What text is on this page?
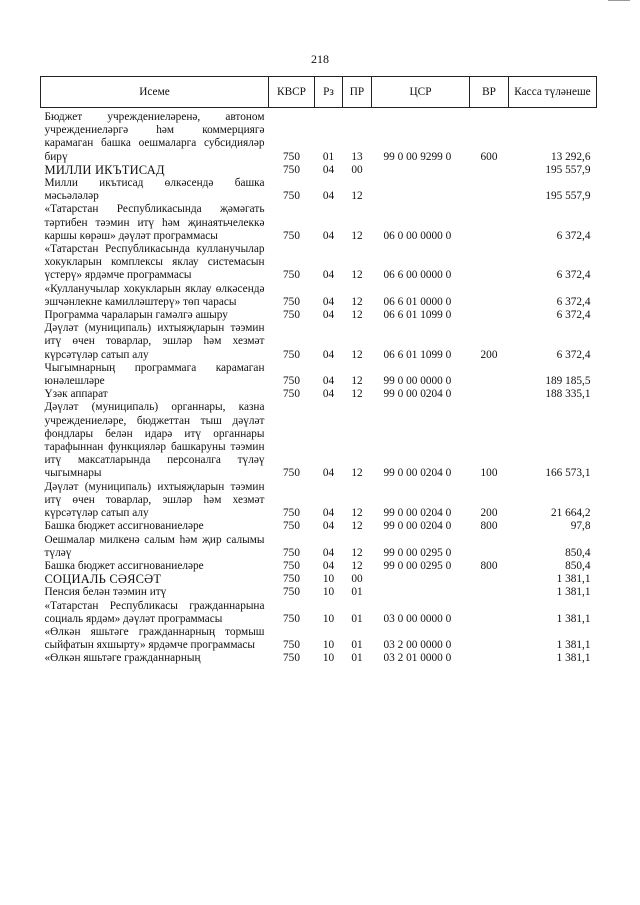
218
Исеме	КВСР	Рз	ПР	ЦСР	ВР	Касса түләнеше
Бюджет учреждениеләренә, автоном учреждениеләргә һәм коммерциягә карамаган башка оешмаларга субсидияләр бирү	750	01	13	99 0 00 9299 0	600	13 292,6
МИЛЛИ ИКЪТИСАД	750	04	00			195 557,9
Милли икътисад өлкәсендә башка мәсьәләләр	750	04	12			195 557,9
«Татарстан Республикасында җәмәгать тәртибен тәэмин итү һәм җинаятьчелеккә каршы көрәш» дәүләт программасы	750	04	12	06 0 00 0000 0		6 372,4
«Татарстан Республикасында кулланучылар хокукларын комплексы яклау системасын үстерү» ярдәмче программасы	750	04	12	06 6 00 0000 0		6 372,4
«Кулланучылар хокукларын яклау өлкәсендә эшчәнлекне камилләштерү» төп чарасы	750	04	12	06 6 01 0000 0		6 372,4
Программа чараларын гамәлгә ашыру	750	04	12	06 6 01 1099 0		6 372,4
Дәүләт (муниципаль) ихтыяҗларын тәэмин итү өчен товарлар, эшләр һәм хезмәт күрсәтүләр сатып алу	750	04	12	06 6 01 1099 0	200	6 372,4
Чыгымнарның программага карамаган юнәлешләре	750	04	12	99 0 00 0000 0		189 185,5
Үзәк аппарат	750	04	12	99 0 00 0204 0		188 335,1
Дәүләт (муниципаль) органнары, казна учреждениеләре, бюджеттан тыш дәүләт фондлары белән идарә итү органнары тарафыннан функцияләр башкаруны тәэмин итү максатларында персоналга түләү чыгымнары	750	04	12	99 0 00 0204 0	100	166 573,1
Дәүләт (муниципаль) ихтыяҗларын тәэмин итү өчен товарлар, эшләр һәм хезмәт күрсәтүләр сатып алу	750	04	12	99 0 00 0204 0	200	21 664,2
Башка бюджет ассигнованиеләре	750	04	12	99 0 00 0204 0	800	97,8
Оешмалар милкенә салым һәм җир салымы түләү	750	04	12	99 0 00 0295 0		850,4
Башка бюджет ассигнованиеләре	750	04	12	99 0 00 0295 0	800	850,4
СОЦИАЛЬ СӘЯСӘТ	750	10	00			1 381,1
Пенсия белән тәэмин итү	750	10	01			1 381,1
«Татарстан Республикасы гражданнарына социаль ярдәм» дәүләт программасы	750	10	01	03 0 00 0000 0		1 381,1
«Өлкән яшьтәге гражданнарның тормыш сыйфатын яхшырту» ярдәмче программасы	750	10	01	03 2 00 0000 0		1 381,1
«Өлкән яшьтәге гражданнарның	750	10	01	03 2 01 0000 0		1 381,1
